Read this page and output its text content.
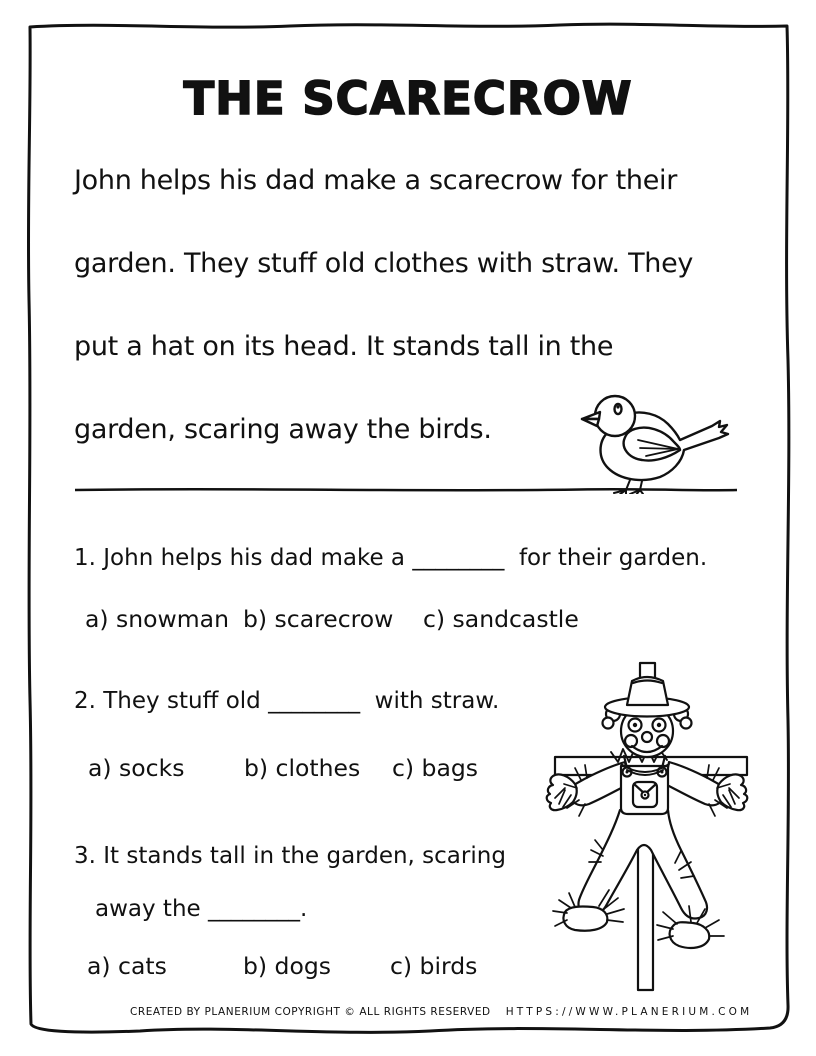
THE SCARECROW
John helps his dad make a scarecrow for their
garden. They stuff old clothes with straw. They
put a hat on its head. It stands tall in the
garden, scaring away the birds.
1. John helps his dad make a ________  for their garden.
a) snowman b) scarecrow c) sandcastle
2. They stuff old ________  with straw.
a) socks	b) clothes c) bags
3. It stands tall in the garden, scaring
away the ________.
a) cats	b) dogs	c) birds
CREATED BY PLANERIUM COPYRIGHT © ALL RIGHTS RESERVED HTTPS://WWW.PLANERIUM.COM
